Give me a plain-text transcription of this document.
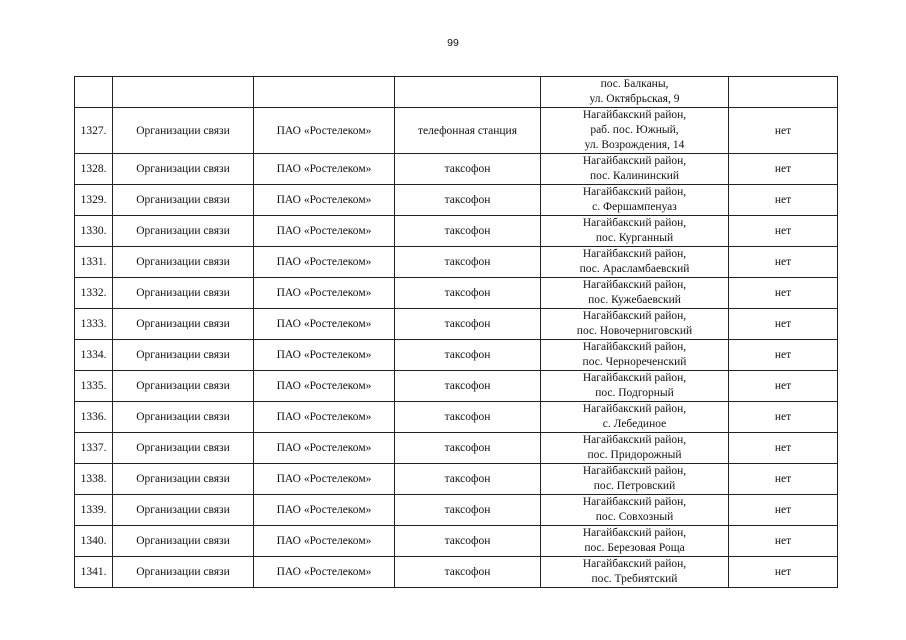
99

				пос. Балканы,
ул. Октябрьская, 9	

1327.	Организации связи	ПАО «Ростелеком»	телефонная станция	Нагайбакский район,
раб. пос. Южный,
ул. Возрождения, 14	нет
1328.	Организации связи	ПАО «Ростелеком»	таксофон	Нагайбакский район,
пос. Калининский	нет
1329.	Организации связи	ПАО «Ростелеком»	таксофон	Нагайбакский район,
с. Фершампенуаз	нет
1330.	Организации связи	ПАО «Ростелеком»	таксофон	Нагайбакский район,
пос. Курганный	нет
1331.	Организации связи	ПАО «Ростелеком»	таксофон	Нагайбакский район,
пос. Арасламбаевский	нет
1332.	Организации связи	ПАО «Ростелеком»	таксофон	Нагайбакский район,
пос. Кужебаевский	нет
1333.	Организации связи	ПАО «Ростелеком»	таксофон	Нагайбакский район,
пос. Новочерниговский	нет
1334.	Организации связи	ПАО «Ростелеком»	таксофон	Нагайбакский район,
пос. Черноречeнский	нет
1335.	Организации связи	ПАО «Ростелеком»	таксофон	Нагайбакский район,
пос. Подгорный	нет
1336.	Организации связи	ПАО «Ростелеком»	таксофон	Нагайбакский район,
с. Лебединое	нет
1337.	Организации связи	ПАО «Ростелеком»	таксофон	Нагайбакский район,
пос. Придорожный	нет
1338.	Организации связи	ПАО «Ростелеком»	таксофон	Нагайбакский район,
пос. Петровский	нет
1339.	Организации связи	ПАО «Ростелеком»	таксофон	Нагайбакский район,
пос. Совхозный	нет
1340.	Организации связи	ПАО «Ростелеком»	таксофон	Нагайбакский район,
пос. Березовая Роща	нет
1341.	Организации связи	ПАО «Ростелеком»	таксофон	Нагайбакский район,
пос. Требиятский	нет
